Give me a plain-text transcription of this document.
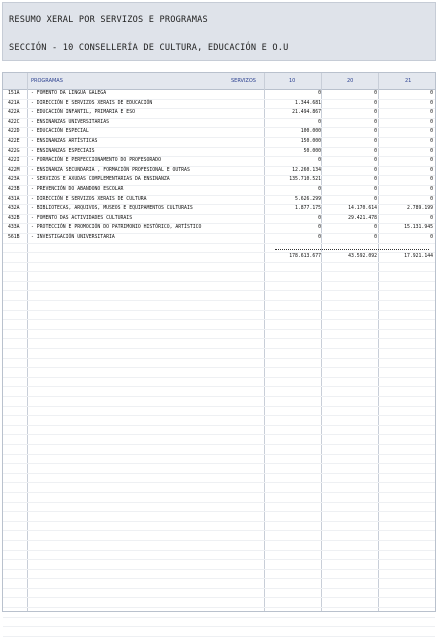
RESUMO XERAL POR SERVIZOS E PROGRAMAS
SECCIÓN - 10 CONSELLERÍA DE CULTURA, EDUCACIÓN E O.U
PROGRAMAS	SERVIZOS	10	20	21
151A - FOMENTO DA LINGUA GALEGA	0	0	0
421A - DIRECCIÓN E SERVIZOS XERAIS DE EDUCACIÓN	1.344.681	0	0
422A - EDUCACIÓN INFANTIL, PRIMARIA E ESO	21.494.867	0	0
422C - ENSINANZAS UNIVERSITARIAS	0	0	0
422D - EDUCACIÓN ESPECIAL	100.000	0	0
422E - ENSINANZAS ARTÍSTICAS	150.000	0	0
422G - ENSINANZAS ESPECIAIS	50.000	0	0
422I - FORMACIÓN E PERFECCIONAMENTO DO PROFESORADO	0	0	0
422M - ENSINANZA SECUNDARIA , FORMACIÓN PROFESIONAL E OUTRAS	12.260.134	0	0
423A - SERVIZOS E AXUDAS COMPLEMENTARIAS DA ENSINANZA	135.710.521	0	0
423B - PREVENCIÓN DO ABANDONO ESCOLAR	0	0	0
431A - DIRECCIÓN E SERVIZOS XERAIS DE CULTURA	5.626.299	0	0
432A - BIBLIOTECAS, ARQUIVOS, MUSEOS E EQUIPAMENTOS CULTURAIS	1.877.175	14.170.614	2.789.199
432B - FOMENTO DAS ACTIVIDADES CULTURAIS	0	29.421.478	0
433A - PROTECCIÓN E PROMOCIÓN DO PATRIMONIO HISTÓRICO, ARTÍSTICO	0	0	15.131.945
561B - INVESTIGACIÓN UNIVERSITARIA	0	0	0
178.613.677	43.592.092	17.921.144
